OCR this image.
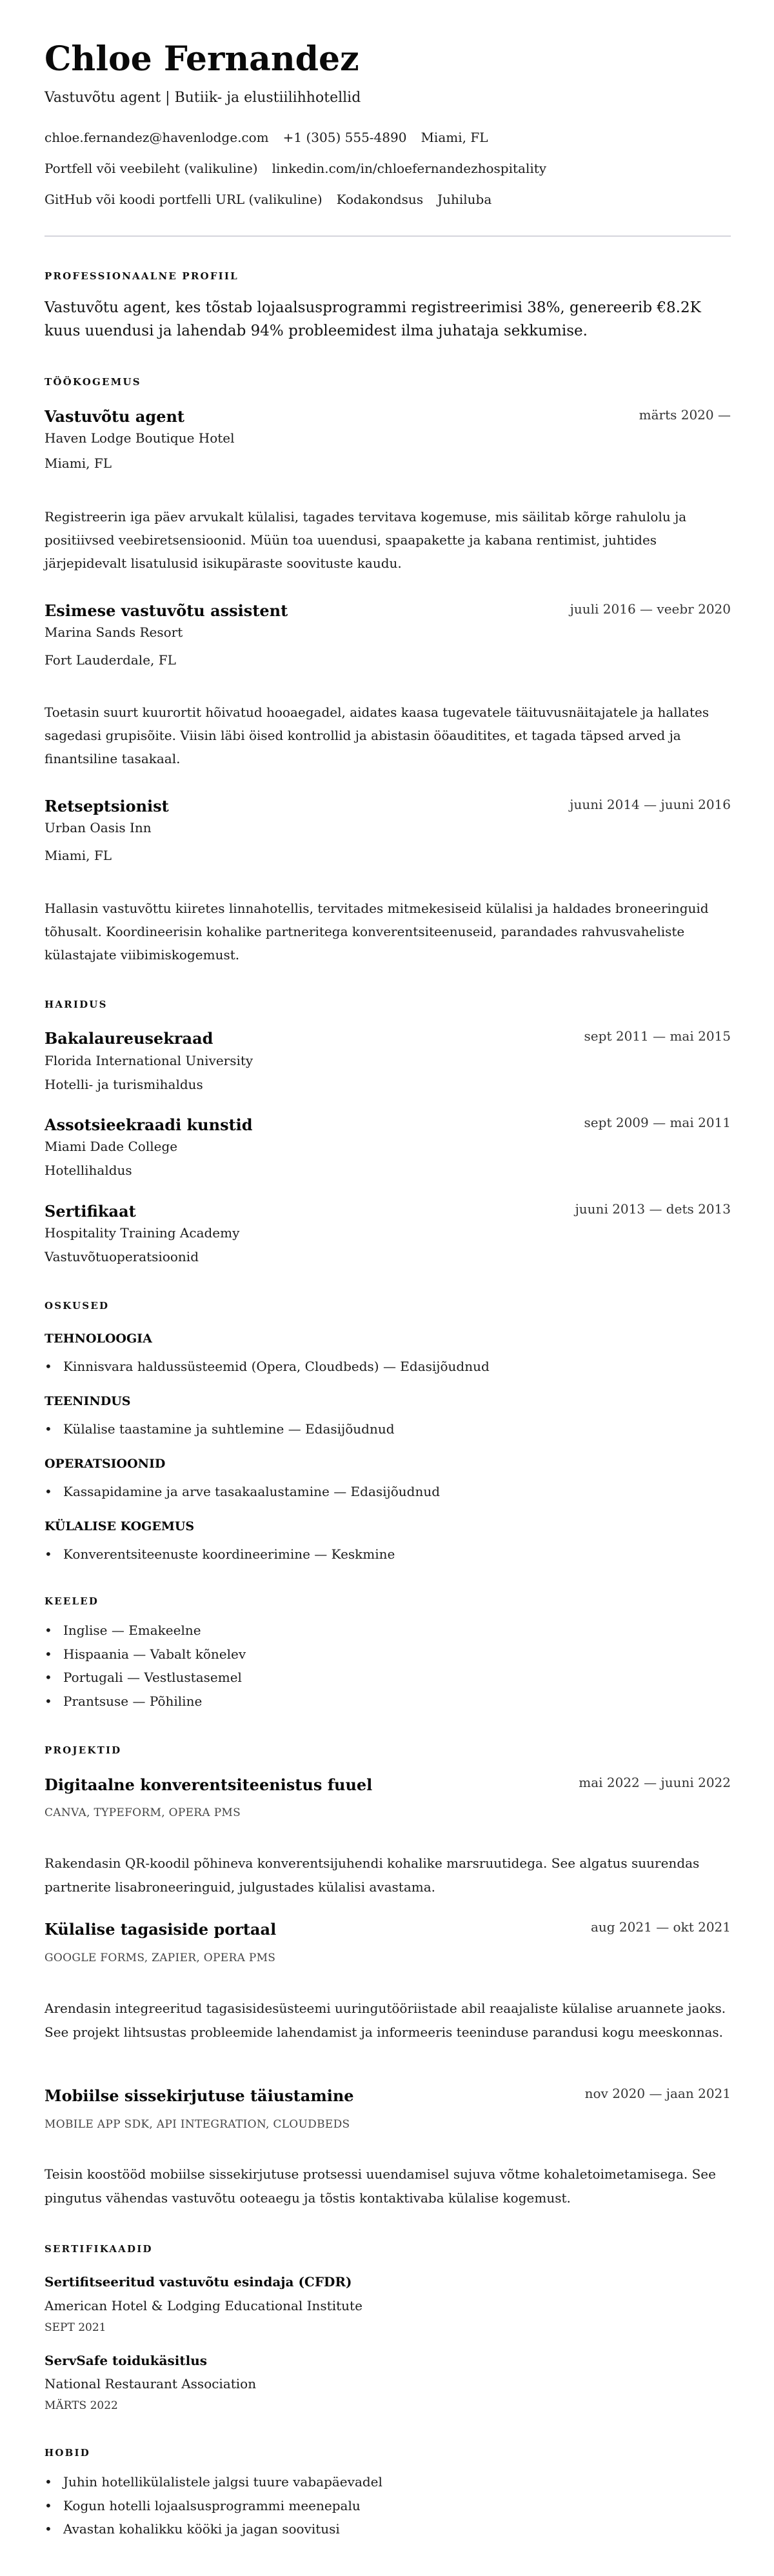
Chloe Fernandez
Vastuvõtu agent | Butiik- ja elustiilihhotellid
chloe.fernandez@havenlodge.com +1 (305) 555-4890 Miami, FL
Portfell või veebileht (valikuline) linkedin.com/in/chloefernandezhospitality
GitHub või koodi portfelli URL (valikuline) Kodakondsus Juhiluba
PROFESSIONAALNE PROFIIL

Vastuvõtu agent, kes tõstab lojaalsusprogrammi registreerimisi 38%, genereerib €8.2K kuus uuendusi ja lahendab 94% probleemidest ilma juhataja sekkumise.

TÖÖKOGEMUS
Vastuvõtu agent	märts 2020 —
Haven Lodge Boutique Hotel
Miami, FL

Registreerin iga päev arvukalt külalisi, tagades tervitava kogemuse, mis säilitab kõrge rahulolu ja positiivsed veebiretsensioonid. Müün toa uuendusi, spaapakette ja kabana rentimist, juhtides järjepidevalt lisatulusid isikupäraste soovituste kaudu.

Esimese vastuvõtu assistent	juuli 2016 — veebr 2020
Marina Sands Resort
Fort Lauderdale, FL

Toetasin suurt kuurortit hõivatud hooaegadel, aidates kaasa tugevatele täituvusnäitajatele ja hallates sagedasi grupisõite. Viisin läbi öised kontrollid ja abistasin ööauditites, et tagada täpsed arved ja finantsiline tasakaal.

Retseptsionist	juuni 2014 — juuni 2016
Urban Oasis Inn
Miami, FL

Hallasin vastuvõttu kiiretes linnahotellis, tervitades mitmekesiseid külalisi ja haldades broneeringuid tõhusalt. Koordineerisin kohalike partneritega konverentsiteenuseid, parandades rahvusvaheliste külastajate viibimiskogemust.

HARIDUS
Bakalaureusekraad	sept 2011 — mai 2015
Florida International University
Hotelli- ja turismihaldus
Assotsieekraadi kunstid	sept 2009 — mai 2011
Miami Dade College
Hotellihaldus
Sertifikaat	juuni 2013 — dets 2013
Hospitality Training Academy
Vastuvõtuoperatsioonid
OSKUSED
TEHNOLOOGIA
• Kinnisvara haldussüsteemid (Opera, Cloudbeds) — Edasijõudnud
TEENINDUS
• Külalise taastamine ja suhtlemine — Edasijõudnud
OPERATSIOONID
• Kassapidamine ja arve tasakaalustamine — Edasijõudnud
KÜLALISE KOGEMUS
• Konverentsiteenuste koordineerimine — Keskmine
KEELED
• Inglise — Emakeelne
• Hispaania — Vabalt kõnelev
• Portugali — Vestlustasemel
• Prantsuse — Põhiline
PROJEKTID
Digitaalne konverentsiteenistus fuuel	mai 2022 — juuni 2022
CANVA, TYPEFORM, OPERA PMS

Rakendasin QR-koodil põhineva konverentsijuhendi kohalike marsruutidega. See algatus suurendas partnerite lisabroneeringuid, julgustades külalisi avastama.

Külalise tagasiside portaal	aug 2021 — okt 2021
GOOGLE FORMS, ZAPIER, OPERA PMS

Arendasin integreeritud tagasisidesüsteemi uuringutööriistade abil reaajaliste külalise aruannete jaoks. See projekt lihtsustas probleemide lahendamist ja informeeris teeninduse parandusi kogu meeskonnas.

Mobiilse sissekirjutuse täiustamine	nov 2020 — jaan 2021
MOBILE APP SDK, API INTEGRATION, CLOUDBEDS

Teisin koostööd mobiilse sissekirjutuse protsessi uuendamisel sujuva võtme kohaletoimetamisega. See pingutus vähendas vastuvõtu ooteaegu ja tõstis kontaktivaba külalise kogemust.

SERTIFIKAADID
Sertifitseeritud vastuvõtu esindaja (CFDR)
American Hotel & Lodging Educational Institute
SEPT 2021
ServSafe toidukäsitlus
National Restaurant Association
MÄRTS 2022
HOBID
• Juhin hotellikülalistele jalgsi tuure vabapäevadel
• Kogun hotelli lojaalsusprogrammi meenepalu
• Avastan kohalikku kööki ja jagan soovitusi
